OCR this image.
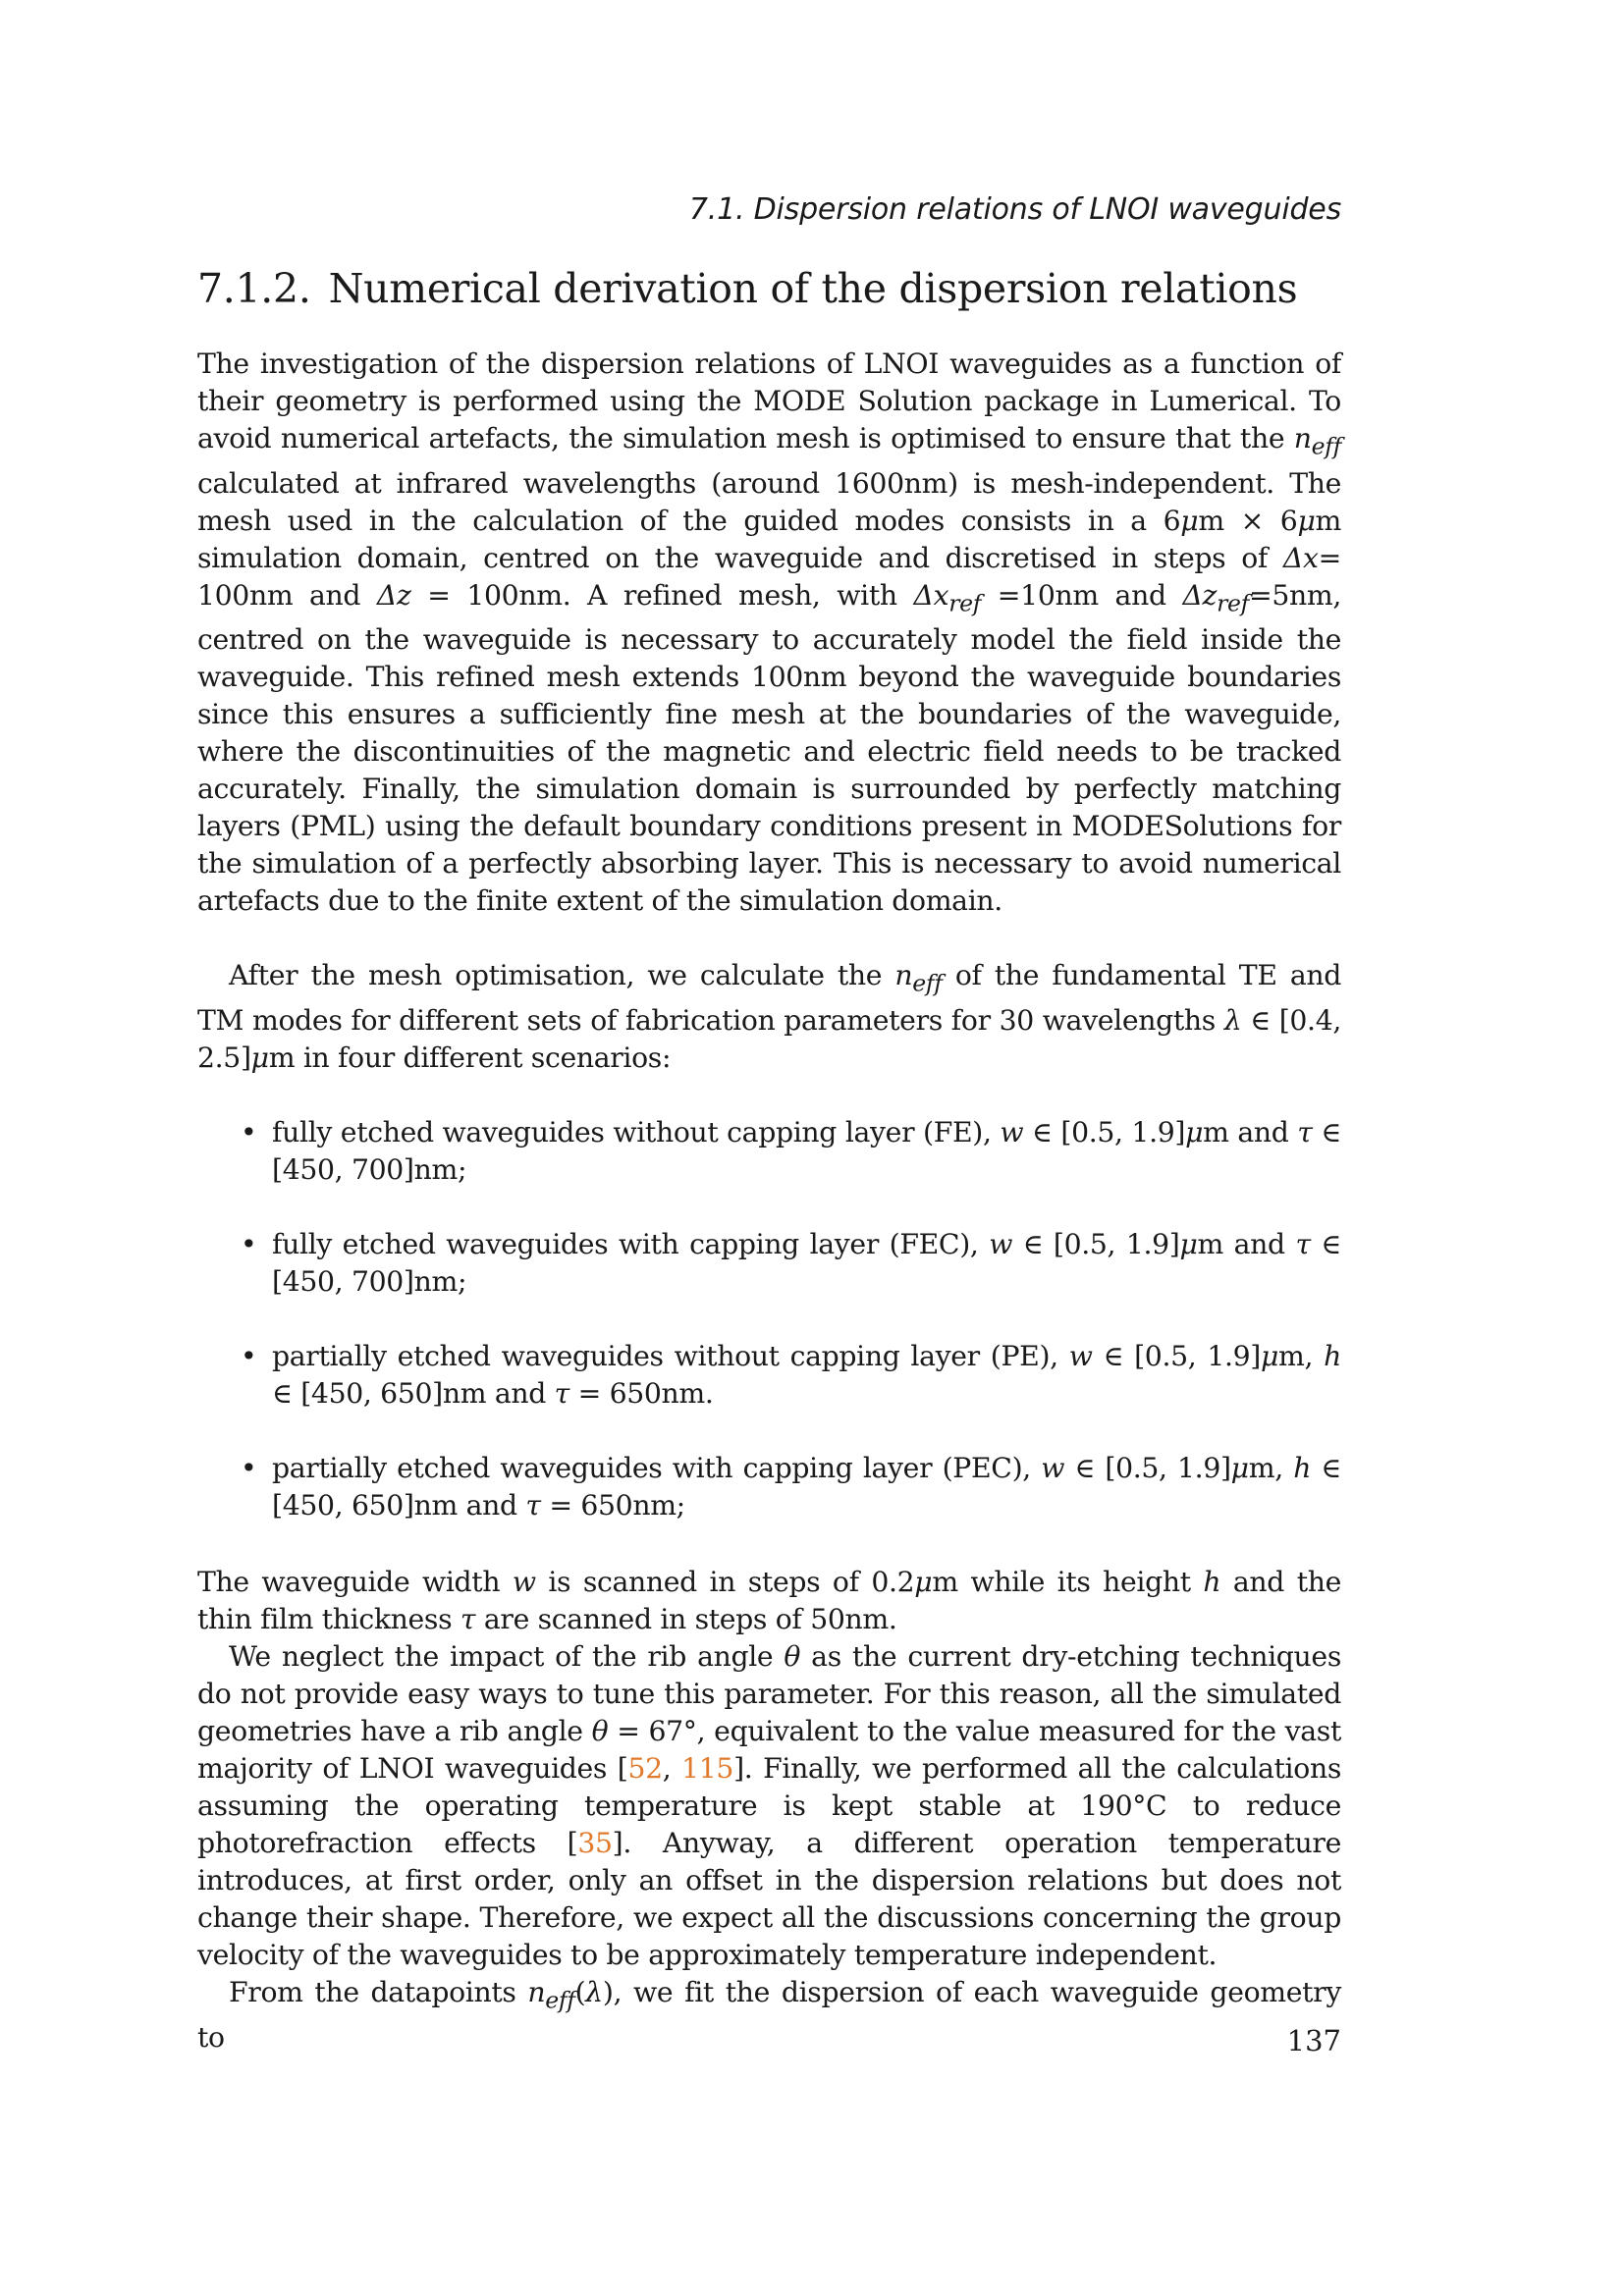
7.1. Dispersion relations of LNOI waveguides
7.1.2. Numerical derivation of the dispersion relations

The investigation of the dispersion relations of LNOI waveguides as a function of their geometry is performed using the MODE Solution package in Lumerical. To avoid numerical artefacts, the simulation mesh is optimised to ensure that the $n_{eff}$ calculated at infrared wavelengths (around 1600nm) is mesh-independent. The mesh used in the calculation of the guided modes consists in a 6μm × 6μm simulation domain, centred on the waveguide and discretised in steps of Δx= 100nm and Δz = 100nm. A refined mesh, with $\Delta x_{ref} =10nm$ and $\Delta z_{ref}=5nm$, centred on the waveguide is necessary to accurately model the field inside the waveguide. This refined mesh extends 100nm beyond the waveguide boundaries since this ensures a sufficiently fine mesh at the boundaries of the waveguide, where the discontinuities of the magnetic and electric field needs to be tracked accurately. Finally, the simulation domain is surrounded by perfectly matching layers (PML) using the default boundary conditions present in MODESolutions for the simulation of a perfectly absorbing layer. This is necessary to avoid numerical artefacts due to the finite extent of the simulation domain.

After the mesh optimisation, we calculate the $n_{eff}$ of the fundamental TE and TM modes for different sets of fabrication parameters for 30 wavelengths λ ∈ [0.4, 2.5]μm in four different scenarios:

• fully etched waveguides without capping layer (FE), w ∈ [0.5, 1.9]μm and τ ∈ [450, 700]nm;
• fully etched waveguides with capping layer (FEC), w ∈ [0.5, 1.9]μm and τ ∈ [450, 700]nm;
• partially etched waveguides without capping layer (PE), w ∈ [0.5, 1.9]μm, h ∈ [450, 650]nm and τ = 650nm.
• partially etched waveguides with capping layer (PEC), w ∈ [0.5, 1.9]μm, h ∈ [450, 650]nm and τ = 650nm;

The waveguide width w is scanned in steps of 0.2μm while its height h and the thin film thickness τ are scanned in steps of 50nm.

We neglect the impact of the rib angle θ as the current dry-etching techniques do not provide easy ways to tune this parameter. For this reason, all the simulated geometries have a rib angle θ = 67°, equivalent to the value measured for the vast majority of LNOI waveguides [52, 115]. Finally, we performed all the calculations assuming the operating temperature is kept stable at 190°C to reduce photorefraction effects [35]. Anyway, a different operation temperature introduces, at first order, only an offset in the dispersion relations but does not change their shape. Therefore, we expect all the discussions concerning the group velocity of the waveguides to be approximately temperature independent.

From the datapoints $n_{eff}(\lambda)$, we fit the dispersion of each waveguide geometry to	137
